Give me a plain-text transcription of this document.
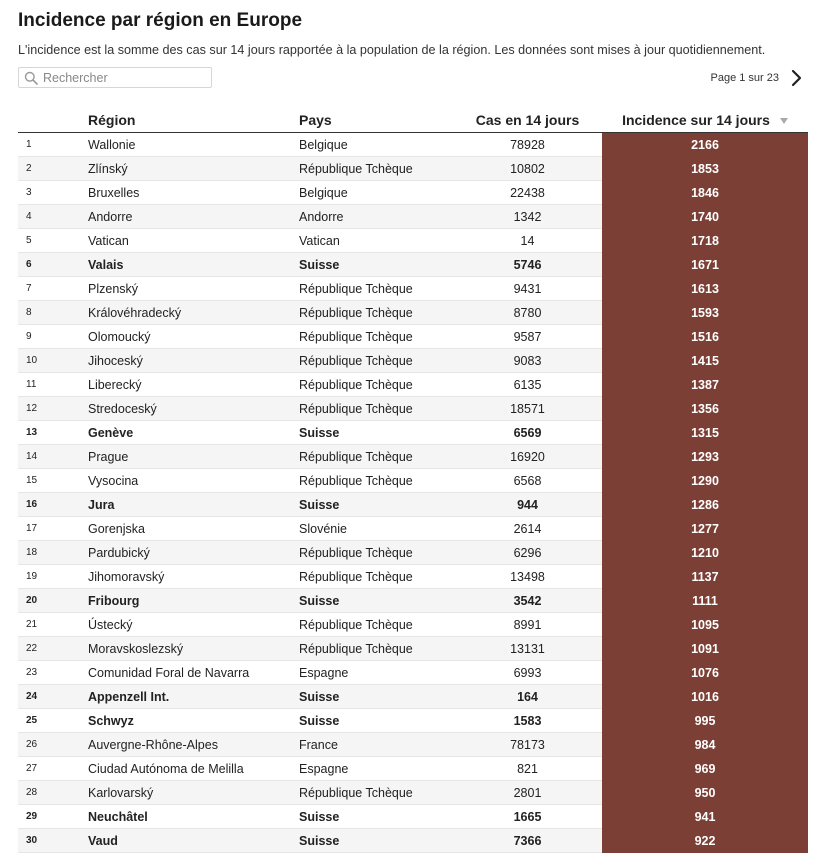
Incidence par région en Europe
L'incidence est la somme des cas sur 14 jours rapportée à la population de la région. Les données sont mises à jour quotidiennement.
Rechercher
Page 1 sur 23
	Région	Pays	Cas en 14 jours	Incidence sur 14 jours
1	Wallonie	Belgique	78928	2166
2	Zlínský	République Tchèque	10802	1853
3	Bruxelles	Belgique	22438	1846
4	Andorre	Andorre	1342	1740
5	Vatican	Vatican	14	1718
6	Valais	Suisse	5746	1671
7	Plzenský	République Tchèque	9431	1613
8	Královéhradecký	République Tchèque	8780	1593
9	Olomoucký	République Tchèque	9587	1516
10	Jihoceský	République Tchèque	9083	1415
11	Liberecký	République Tchèque	6135	1387
12	Stredoceský	République Tchèque	18571	1356
13	Genève	Suisse	6569	1315
14	Prague	République Tchèque	16920	1293
15	Vysocina	République Tchèque	6568	1290
16	Jura	Suisse	944	1286
17	Gorenjska	Slovénie	2614	1277
18	Pardubický	République Tchèque	6296	1210
19	Jihomoravský	République Tchèque	13498	1137
20	Fribourg	Suisse	3542	1111
21	Ústecký	République Tchèque	8991	1095
22	Moravskoslezský	République Tchèque	13131	1091
23	Comunidad Foral de Navarra	Espagne	6993	1076
24	Appenzell Int.	Suisse	164	1016
25	Schwyz	Suisse	1583	995
26	Auvergne-Rhône-Alpes	France	78173	984
27	Ciudad Autónoma de Melilla	Espagne	821	969
28	Karlovarský	République Tchèque	2801	950
29	Neuchâtel	Suisse	1665	941
30	Vaud	Suisse	7366	922
